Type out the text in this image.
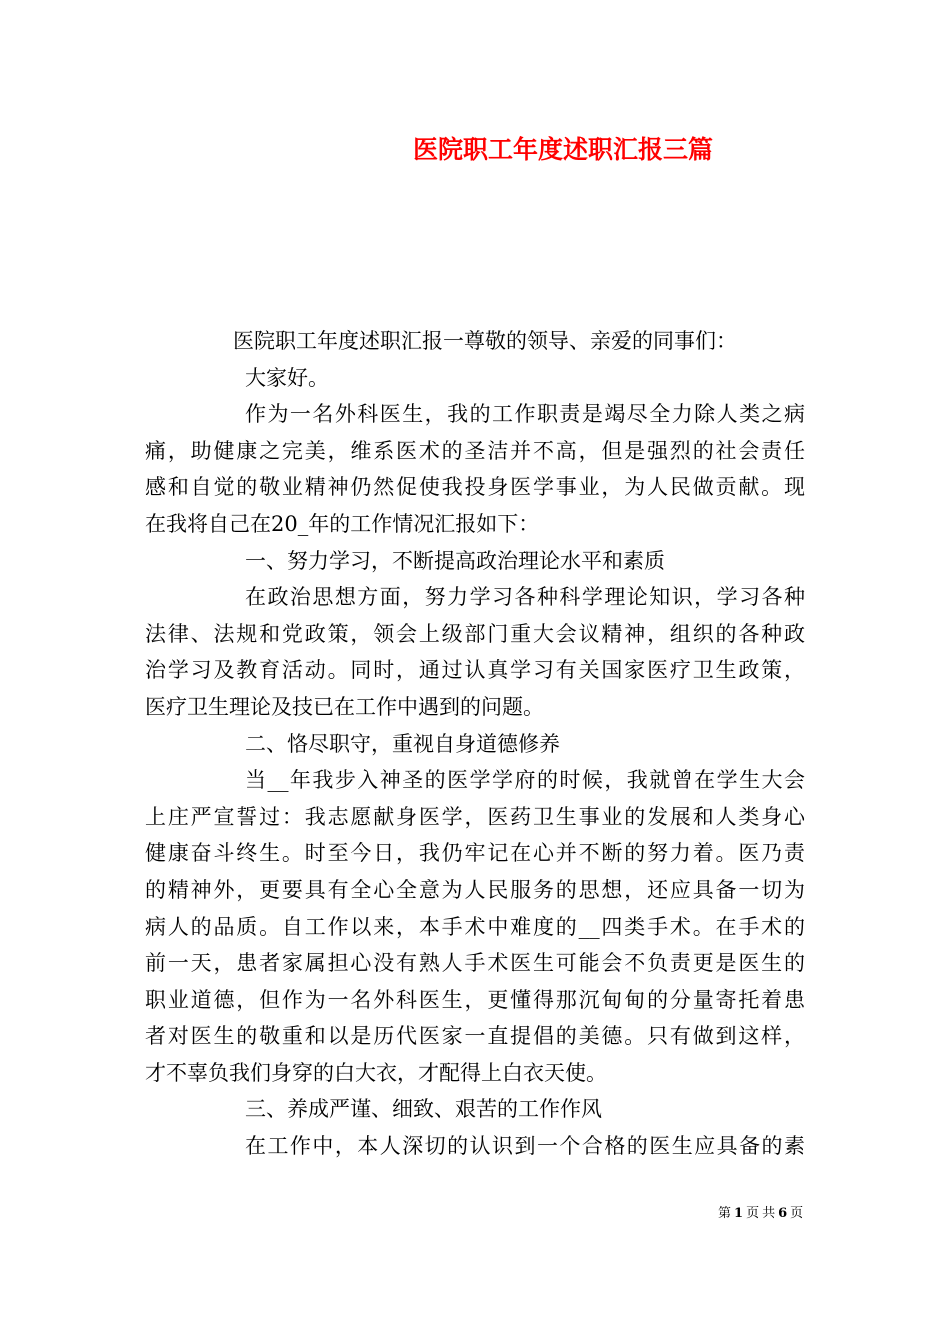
医院职工年度述职汇报三篇
医院职工年度述职汇报一尊敬的领导、亲爱的同事们：
大家好。
作为一名外科医生，我的工作职责是竭尽全力除人类之病
痛，助健康之完美，维系医术的圣洁并不高，但是强烈的社会责任
感和自觉的敬业精神仍然促使我投身医学事业，为人民做贡献。现
在我将自己在20_年的工作情况汇报如下：
一、努力学习，不断提高政治理论水平和素质
在政治思想方面，努力学习各种科学理论知识，学习各种
法律、法规和党政策，领会上级部门重大会议精神，组织的各种政
治学习及教育活动。同时，通过认真学习有关国家医疗卫生政策，
医疗卫生理论及技已在工作中遇到的问题。
二、恪尽职守，重视自身道德修养
当__年我步入神圣的医学学府的时候，我就曾在学生大会
上庄严宣誓过：我志愿献身医学，医药卫生事业的发展和人类身心
健康奋斗终生。时至今日，我仍牢记在心并不断的努力着。医乃责
的精神外，更要具有全心全意为人民服务的思想，还应具备一切为
病人的品质。自工作以来，本手术中难度的__四类手术。在手术的
前一天，患者家属担心没有熟人手术医生可能会不负责更是医生的
职业道德，但作为一名外科医生，更懂得那沉甸甸的分量寄托着患
者对医生的敬重和以是历代医家一直提倡的美德。只有做到这样，
才不辜负我们身穿的白大衣，才配得上白衣天使。
三、养成严谨、细致、艰苦的工作作风
在工作中，本人深切的认识到一个合格的医生应具备的素
第 1 页 共 6 页
